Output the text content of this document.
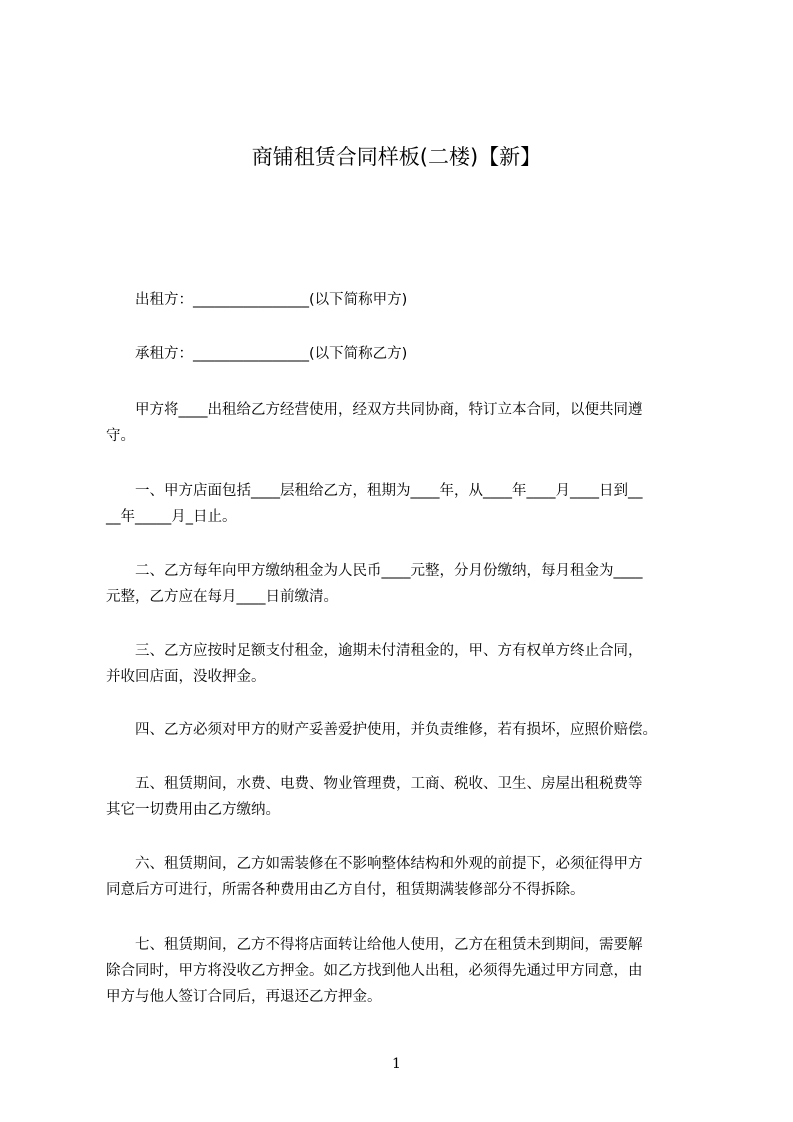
商铺租赁合同样板(二楼)【新】

　　出租方：________________(以下简称甲方)

　　承租方：________________(以下简称乙方)

　　甲方将____出租给乙方经营使用，经双方共同协商，特订立本合同，以便共同遵

守。

　　一、甲方店面包括____层租给乙方，租期为____年，从____年____月____日到__

__年_____月_日止。

　　二、乙方每年向甲方缴纳租金为人民币____元整，分月份缴纳，每月租金为____

元整，乙方应在每月____日前缴清。

　　三、乙方应按时足额支付租金，逾期未付清租金的，甲、方有权单方终止合同，

并收回店面，没收押金。

　　四、乙方必须对甲方的财产妥善爱护使用，并负责维修，若有损坏，应照价赔偿。

　　五、租赁期间，水费、电费、物业管理费，工商、税收、卫生、房屋出租税费等

其它一切费用由乙方缴纳。

　　六、租赁期间，乙方如需装修在不影响整体结构和外观的前提下，必须征得甲方

同意后方可进行，所需各种费用由乙方自付，租赁期满装修部分不得拆除。

　　七、租赁期间，乙方不得将店面转让给他人使用，乙方在租赁未到期间，需要解

除合同时，甲方将没收乙方押金。如乙方找到他人出租，必须得先通过甲方同意，由

甲方与他人签订合同后，再退还乙方押金。

1
